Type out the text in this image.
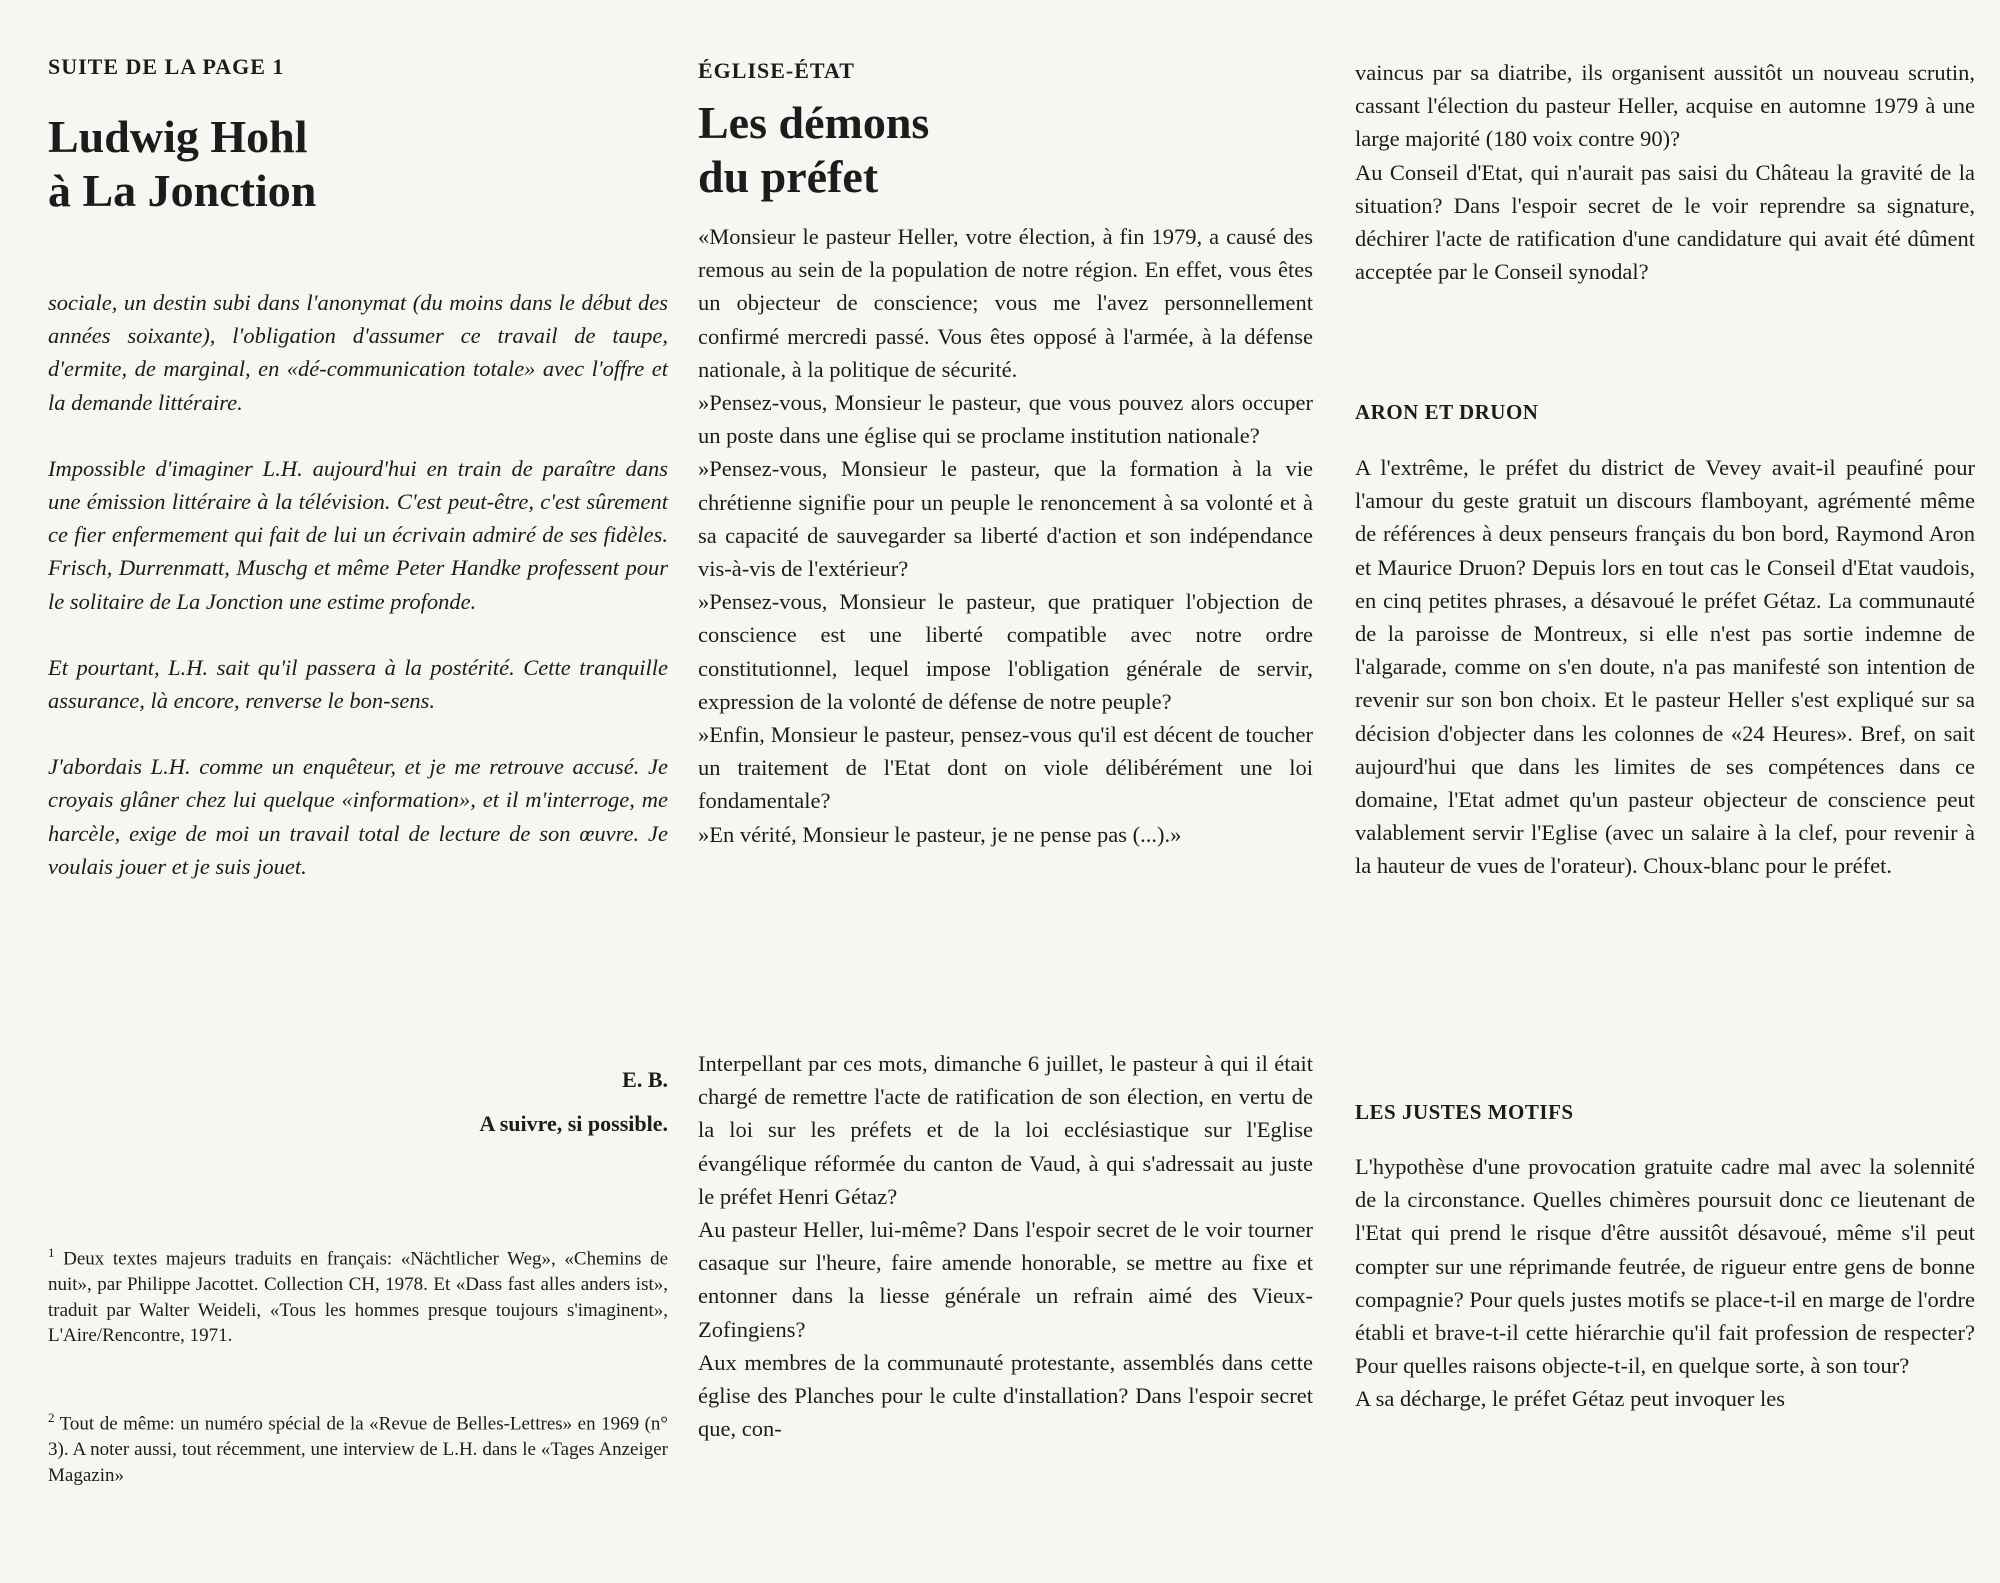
SUITE DE LA PAGE 1
Ludwig Hohl
à La Jonction

sociale, un destin subi dans l'anonymat (du moins dans le début des années soixante), l'obligation d'assumer ce travail de taupe, d'ermite, de marginal, en «dé-communication totale» avec l'offre et la demande littéraire.

Impossible d'imaginer L.H. aujourd'hui en train de paraître dans une émission littéraire à la télévision. C'est peut-être, c'est sûrement ce fier enfermement qui fait de lui un écrivain admiré de ses fidèles. Frisch, Durrenmatt, Muschg et même Peter Handke professent pour le solitaire de La Jonction une estime profonde.

Et pourtant, L.H. sait qu'il passera à la postérité. Cette tranquille assurance, là encore, renverse le bon-sens.

J'abordais L.H. comme un enquêteur, et je me retrouve accusé. Je croyais glâner chez lui quelque «information», et il m'interroge, me harcèle, exige de moi un travail total de lecture de son œuvre. Je voulais jouer et je suis jouet.

E. B.
A suivre, si possible.

$^1$ Deux textes majeurs traduits en français: «Nächtlicher Weg», «Chemins de nuit», par Philippe Jacottet. Collection CH, 1978. Et «Dass fast alles anders ist», traduit par Walter Weideli, «Tous les hommes presque toujours s'imaginent», L'Aire/Rencontre, 1971.

$^2$ Tout de même: un numéro spécial de la «Revue de Belles-Lettres» en 1969 (n° 3). A noter aussi, tout récemment, une interview de L.H. dans le «Tages Anzeiger Magazin»

ÉGLISE-ÉTAT
Les démons
du préfet

«Monsieur le pasteur Heller, votre élection, à fin 1979, a causé des remous au sein de la population de notre région. En effet, vous êtes un objecteur de conscience; vous me l'avez personnellement confirmé mercredi passé. Vous êtes opposé à l'armée, à la défense nationale, à la politique de sécurité.

»Pensez-vous, Monsieur le pasteur, que vous pouvez alors occuper un poste dans une église qui se proclame institution nationale?

»Pensez-vous, Monsieur le pasteur, que la formation à la vie chrétienne signifie pour un peuple le renoncement à sa volonté et à sa capacité de sauvegarder sa liberté d'action et son indépendance vis-à-vis de l'extérieur?

»Pensez-vous, Monsieur le pasteur, que pratiquer l'objection de conscience est une liberté compatible avec notre ordre constitutionnel, lequel impose l'obligation générale de servir, expression de la volonté de défense de notre peuple?

»Enfin, Monsieur le pasteur, pensez-vous qu'il est décent de toucher un traitement de l'Etat dont on viole délibérément une loi fondamentale?

»En vérité, Monsieur le pasteur, je ne pense pas (...).»

Interpellant par ces mots, dimanche 6 juillet, le pasteur à qui il était chargé de remettre l'acte de ratification de son élection, en vertu de la loi sur les préfets et de la loi ecclésiastique sur l'Eglise évangélique réformée du canton de Vaud, à qui s'adressait au juste le préfet Henri Gétaz?

Au pasteur Heller, lui-même? Dans l'espoir secret de le voir tourner casaque sur l'heure, faire amende honorable, se mettre au fixe et entonner dans la liesse générale un refrain aimé des Vieux-Zofingiens?

Aux membres de la communauté protestante, assemblés dans cette église des Planches pour le culte d'installation? Dans l'espoir secret que, con-

vaincus par sa diatribe, ils organisent aussitôt un nouveau scrutin, cassant l'élection du pasteur Heller, acquise en automne 1979 à une large majorité (180 voix contre 90)?

Au Conseil d'Etat, qui n'aurait pas saisi du Château la gravité de la situation? Dans l'espoir secret de le voir reprendre sa signature, déchirer l'acte de ratification d'une candidature qui avait été dûment acceptée par le Conseil synodal?

ARON ET DRUON

A l'extrême, le préfet du district de Vevey avait-il peaufiné pour l'amour du geste gratuit un discours flamboyant, agrémenté même de références à deux penseurs français du bon bord, Raymond Aron et Maurice Druon? Depuis lors en tout cas le Conseil d'Etat vaudois, en cinq petites phrases, a désavoué le préfet Gétaz. La communauté de la paroisse de Montreux, si elle n'est pas sortie indemne de l'algarade, comme on s'en doute, n'a pas manifesté son intention de revenir sur son bon choix. Et le pasteur Heller s'est expliqué sur sa décision d'objecter dans les colonnes de «24 Heures». Bref, on sait aujourd'hui que dans les limites de ses compétences dans ce domaine, l'Etat admet qu'un pasteur objecteur de conscience peut valablement servir l'Eglise (avec un salaire à la clef, pour revenir à la hauteur de vues de l'orateur). Choux-blanc pour le préfet.

LES JUSTES MOTIFS

L'hypothèse d'une provocation gratuite cadre mal avec la solennité de la circonstance. Quelles chimères poursuit donc ce lieutenant de l'Etat qui prend le risque d'être aussitôt désavoué, même s'il peut compter sur une réprimande feutrée, de rigueur entre gens de bonne compagnie? Pour quels justes motifs se place-t-il en marge de l'ordre établi et brave-t-il cette hiérarchie qu'il fait profession de respecter? Pour quelles raisons objecte-t-il, en quelque sorte, à son tour?

A sa décharge, le préfet Gétaz peut invoquer les
